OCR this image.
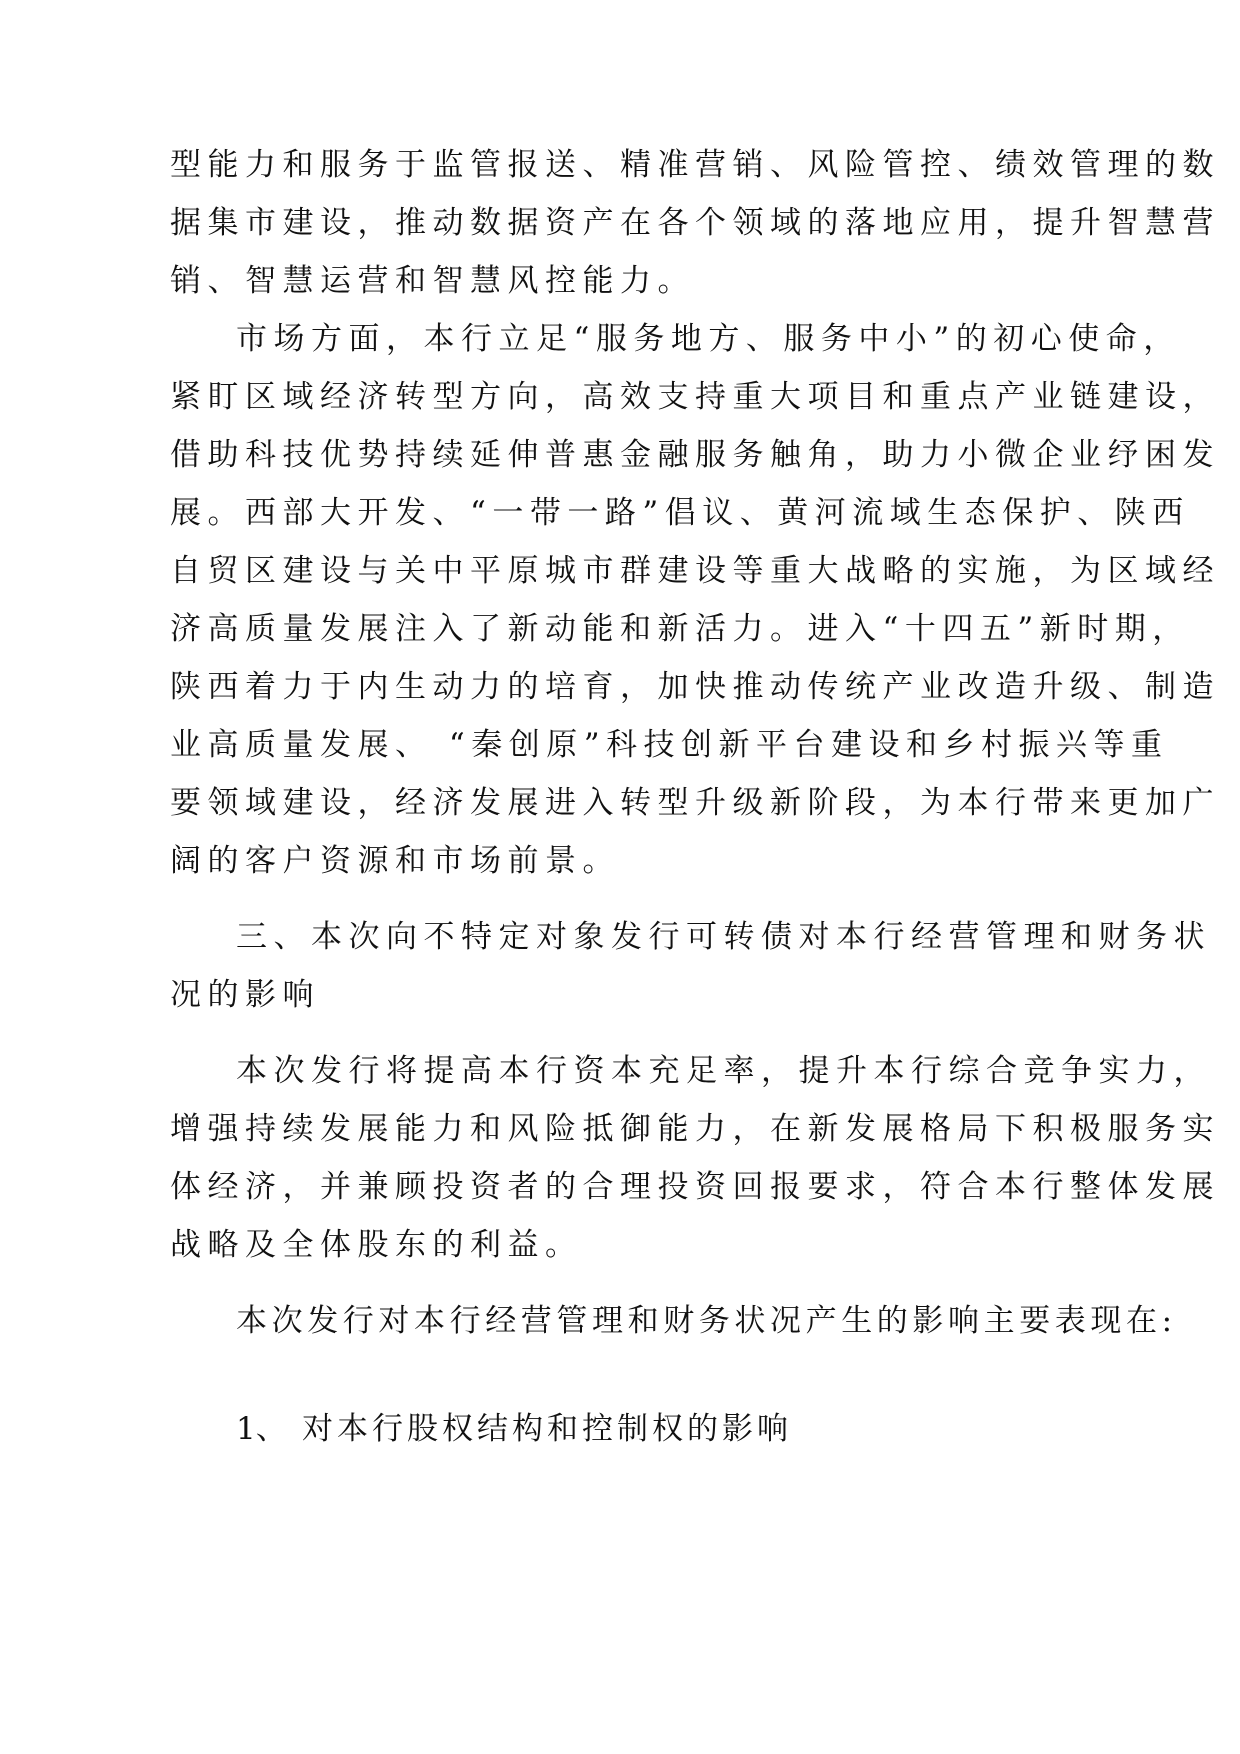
型能力和服务于监管报送、精准营销、风险管控、绩效管理的数
据集市建设，推动数据资产在各个领域的落地应用，提升智慧营
销、智慧运营和智慧风控能力。
市场方面，本行立足“服务地方、服务中小”的初心使命，
紧盯区域经济转型方向，高效支持重大项目和重点产业链建设，
借助科技优势持续延伸普惠金融服务触角，助力小微企业纾困发
展。西部大开发、“一带一路”倡议、黄河流域生态保护、陕西
自贸区建设与关中平原城市群建设等重大战略的实施，为区域经
济高质量发展注入了新动能和新活力。进入“十四五”新时期，
陕西着力于内生动力的培育，加快推动传统产业改造升级、制造
业高质量发展、 “秦创原”科技创新平台建设和乡村振兴等重
要领域建设，经济发展进入转型升级新阶段，为本行带来更加广
阔的客户资源和市场前景。
三、本次向不特定对象发行可转债对本行经营管理和财务状
况的影响
本次发行将提高本行资本充足率，提升本行综合竞争实力，
增强持续发展能力和风险抵御能力，在新发展格局下积极服务实
体经济，并兼顾投资者的合理投资回报要求，符合本行整体发展
战略及全体股东的利益。
本次发行对本行经营管理和财务状况产生的影响主要表现在:
1、 对本行股权结构和控制权的影响
